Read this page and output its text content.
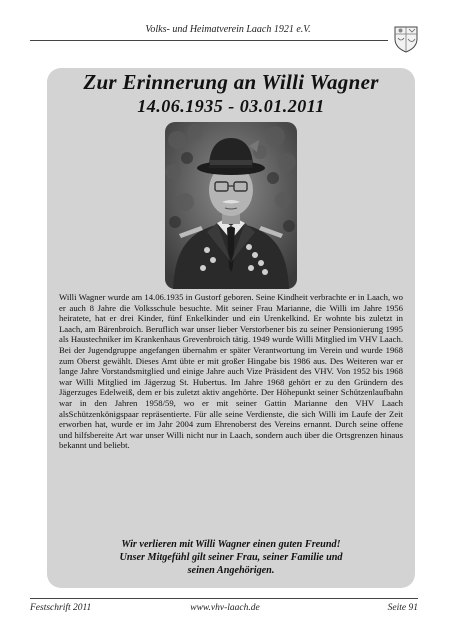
Volks- und Heimatverein Laach 1921 e.V.
Zur Erinnerung an Willi Wagner
14.06.1935 - 03.01.2011

Willi Wagner wurde am 14.06.1935 in Gustorf geboren. Seine Kindheit verbrachte er in Laach, wo er auch 8 Jahre die Volksschule besuchte. Mit seiner Frau Marianne, die Willi im Jahre 1956 heiratete, hat er drei Kinder, fünf Enkelkinder und ein Urenkelkind. Er wohnte bis zuletzt in Laach, am Bärenbroich. Beruflich war unser lieber Verstorbener bis zu seiner Pensionierung 1995 als Haustechniker im Krankenhaus Grevenbroich tätig. 1949 wurde Willi Mitglied im VHV Laach. Bei der Jugendgruppe angefangen übernahm er später Verantwortung im Verein und wurde 1968 zum Oberst gewählt. Dieses Amt übte er mit großer Hingabe bis 1986 aus. Des Weiteren war er lange Jahre Vorstandsmitglied und einige Jahre auch Vize Präsident des VHV. Von 1952 bis 1968 war Willi Mitglied im Jägerzug St. Hubertus. Im Jahre 1968 gehört er zu den Gründern des Jägerzuges Edelweiß, dem er bis zuletzt aktiv angehörte. Der Höhepunkt seiner Schützenlaufbahn war in den Jahren 1958/59, wo er mit seiner Gattin Marianne den VHV Laach alsSchützenkönigspaar repräsentierte. Für alle seine Verdienste, die sich Willi im Laufe der Zeit erworben hat, wurde er im Jahr 2004 zum Ehrenoberst des Vereins ernannt. Durch seine offene und hilfsbereite Art war unser Willi nicht nur in Laach, sondern auch über die Ortsgrenzen hinaus bekannt und beliebt.

Wir verlieren mit Willi Wagner einen guten Freund!
Unser Mitgefühl gilt seiner Frau, seiner Familie und
seinen Angehörigen.
Festschrift 2011	www.vhv-laach.de	Seite 91
